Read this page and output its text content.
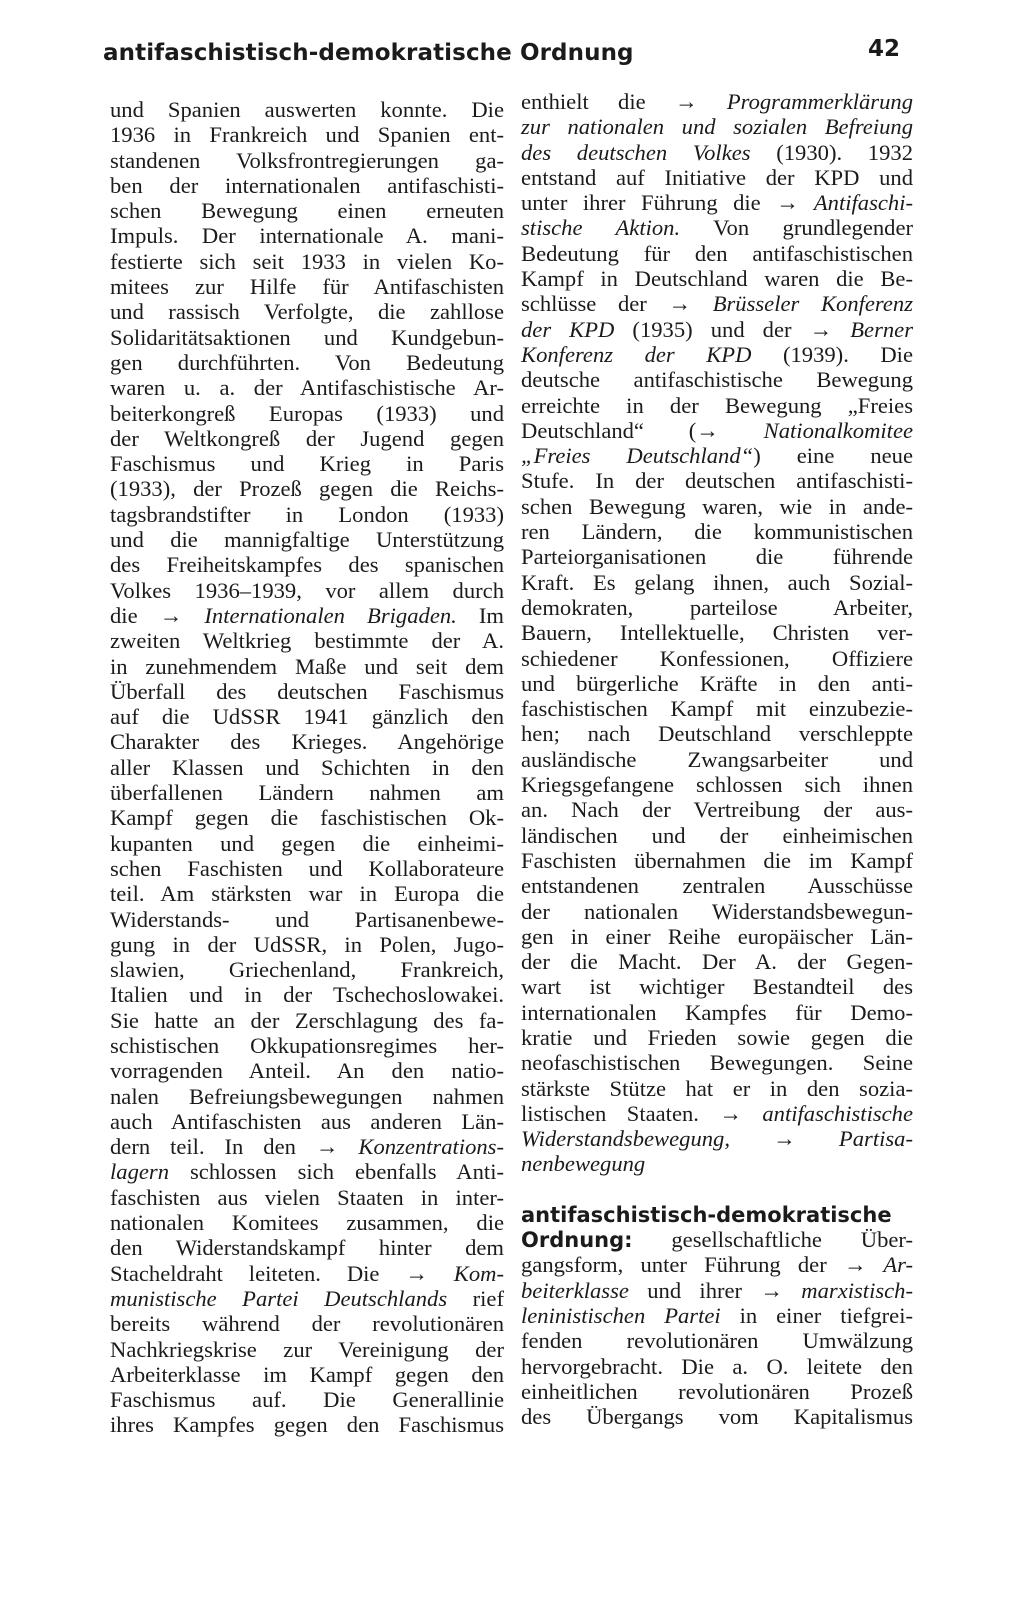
antifaschistisch-demokratische Ordnung	42
und Spanien auswerten konnte. Die
1936 in Frankreich und Spanien ent-
standenen Volksfrontregierungen ga-
ben der internationalen antifaschisti-
schen Bewegung einen erneuten
Impuls. Der internationale A. mani-
festierte sich seit 1933 in vielen Ko-
mitees zur Hilfe für Antifaschisten
und rassisch Verfolgte, die zahllose
Solidaritätsaktionen und Kundgebun-
gen durchführten. Von Bedeutung
waren u. a. der Antifaschistische Ar-
beiterkongreß Europas (1933) und
der Weltkongreß der Jugend gegen
Faschismus und Krieg in Paris
(1933), der Prozeß gegen die Reichs-
tagsbrandstifter in London (1933)
und die mannigfaltige Unterstützung
des Freiheitskampfes des spanischen
Volkes 1936–1939, vor allem durch
die → Internationalen Brigaden. Im
zweiten Weltkrieg bestimmte der A.
in zunehmendem Maße und seit dem
Überfall des deutschen Faschismus
auf die UdSSR 1941 gänzlich den
Charakter des Krieges. Angehörige
aller Klassen und Schichten in den
überfallenen Ländern nahmen am
Kampf gegen die faschistischen Ok-
kupanten und gegen die einheimi-
schen Faschisten und Kollaborateure
teil. Am stärksten war in Europa die
Widerstands- und Partisanenbewe-
gung in der UdSSR, in Polen, Jugo-
slawien, Griechenland, Frankreich,
Italien und in der Tschechoslowakei.
Sie hatte an der Zerschlagung des fa-
schistischen Okkupationsregimes her-
vorragenden Anteil. An den natio-
nalen Befreiungsbewegungen nahmen
auch Antifaschisten aus anderen Län-
dern teil. In den → Konzentrations-
lagern schlossen sich ebenfalls Anti-
faschisten aus vielen Staaten in inter-
nationalen Komitees zusammen, die
den Widerstandskampf hinter dem
Stacheldraht leiteten. Die → Kom-
munistische Partei Deutschlands rief
bereits während der revolutionären
Nachkriegskrise zur Vereinigung der
Arbeiterklasse im Kampf gegen den
Faschismus auf. Die Generallinie
ihres Kampfes gegen den Faschismus
enthielt die → Programmerklärung
zur nationalen und sozialen Befreiung
des deutschen Volkes (1930). 1932
entstand auf Initiative der KPD und
unter ihrer Führung die → Antifaschi-
stische Aktion. Von grundlegender
Bedeutung für den antifaschistischen
Kampf in Deutschland waren die Be-
schlüsse der → Brüsseler Konferenz
der KPD (1935) und der → Berner
Konferenz der KPD (1939). Die
deutsche antifaschistische Bewegung
erreichte in der Bewegung „Freies
Deutschland“ (→ Nationalkomitee
„Freies Deutschland“) eine neue
Stufe. In der deutschen antifaschisti-
schen Bewegung waren, wie in ande-
ren Ländern, die kommunistischen
Parteiorganisationen die führende
Kraft. Es gelang ihnen, auch Sozial-
demokraten, parteilose Arbeiter,
Bauern, Intellektuelle, Christen ver-
schiedener Konfessionen, Offiziere
und bürgerliche Kräfte in den anti-
faschistischen Kampf mit einzubezie-
hen; nach Deutschland verschleppte
ausländische Zwangsarbeiter und
Kriegsgefangene schlossen sich ihnen
an. Nach der Vertreibung der aus-
ländischen und der einheimischen
Faschisten übernahmen die im Kampf
entstandenen zentralen Ausschüsse
der nationalen Widerstandsbewegun-
gen in einer Reihe europäischer Län-
der die Macht. Der A. der Gegen-
wart ist wichtiger Bestandteil des
internationalen Kampfes für Demo-
kratie und Frieden sowie gegen die
neofaschistischen Bewegungen. Seine
stärkste Stütze hat er in den sozia-
listischen Staaten. → antifaschistische
Widerstandsbewegung, → Partisa-
nenbewegung
antifaschistisch-demokratische
Ordnung: gesellschaftliche Über-
gangsform, unter Führung der → Ar-
beiterklasse und ihrer → marxistisch-
leninistischen Partei in einer tiefgrei-
fenden revolutionären Umwälzung
hervorgebracht. Die a. O. leitete den
einheitlichen revolutionären Prozeß
des Übergangs vom Kapitalismus
